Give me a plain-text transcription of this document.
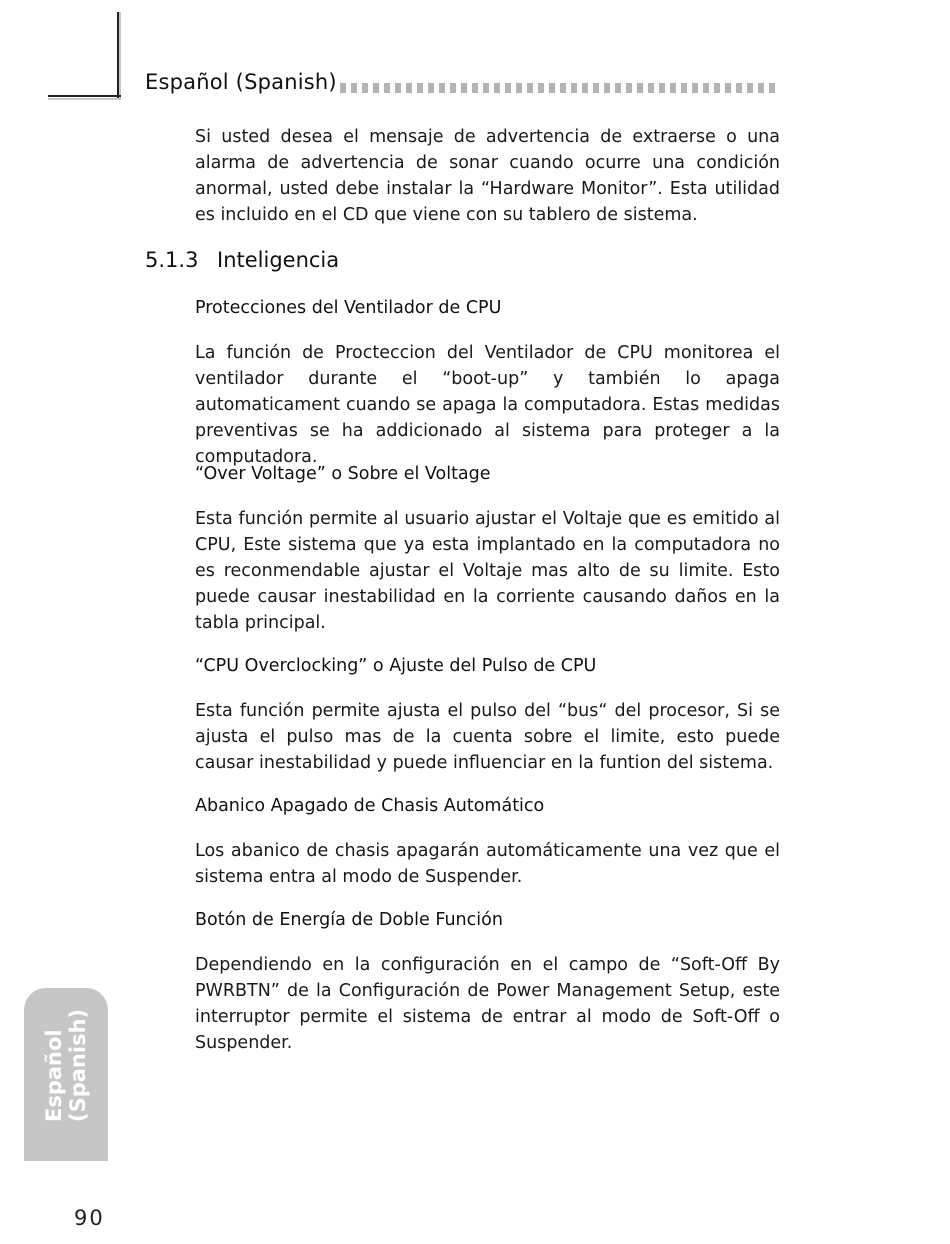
Español (Spanish)

Si usted desea el mensaje de advertencia de extraerse o una alarma de advertencia de sonar cuando ocurre una condición anormal, usted debe instalar la “Hardware Monitor”. Esta utilidad es incluido en el CD que viene con su tablero de sistema.

5.1.3 Inteligencia
Protecciones del Ventilador de CPU

La función de Procteccion del Ventilador de CPU monitorea el ventilador durante el “boot-up” y también lo apaga automaticament cuando se apaga la computadora. Estas medidas preventivas se ha addicionado al sistema para proteger a la computadora.

“Over Voltage” o Sobre el Voltage

Esta función permite al usuario ajustar el Voltaje que es emitido al CPU, Este sistema que ya esta implantado en la computadora no es reconmendable ajustar el Voltaje mas alto de su limite. Esto puede causar inestabilidad en la corriente causando daños en la tabla principal.

“CPU Overclocking” o Ajuste del Pulso de CPU

Esta función permite ajusta el pulso del “bus“ del procesor, Si se ajusta el pulso mas de la cuenta sobre el limite, esto puede causar inestabilidad y puede influenciar en la funtion del sistema.

Abanico Apagado de Chasis Automático

Los abanico de chasis apagarán automáticamente una vez que el sistema entra al modo de Suspender.

Botón de Energía de Doble Función

Dependiendo en la configuración en el campo de “Soft-Off By PWRBTN” de la Configuración de Power Management Setup, este interruptor permite el sistema de entrar al modo de Soft-Off o Suspender.

Español (Spanish)
90
